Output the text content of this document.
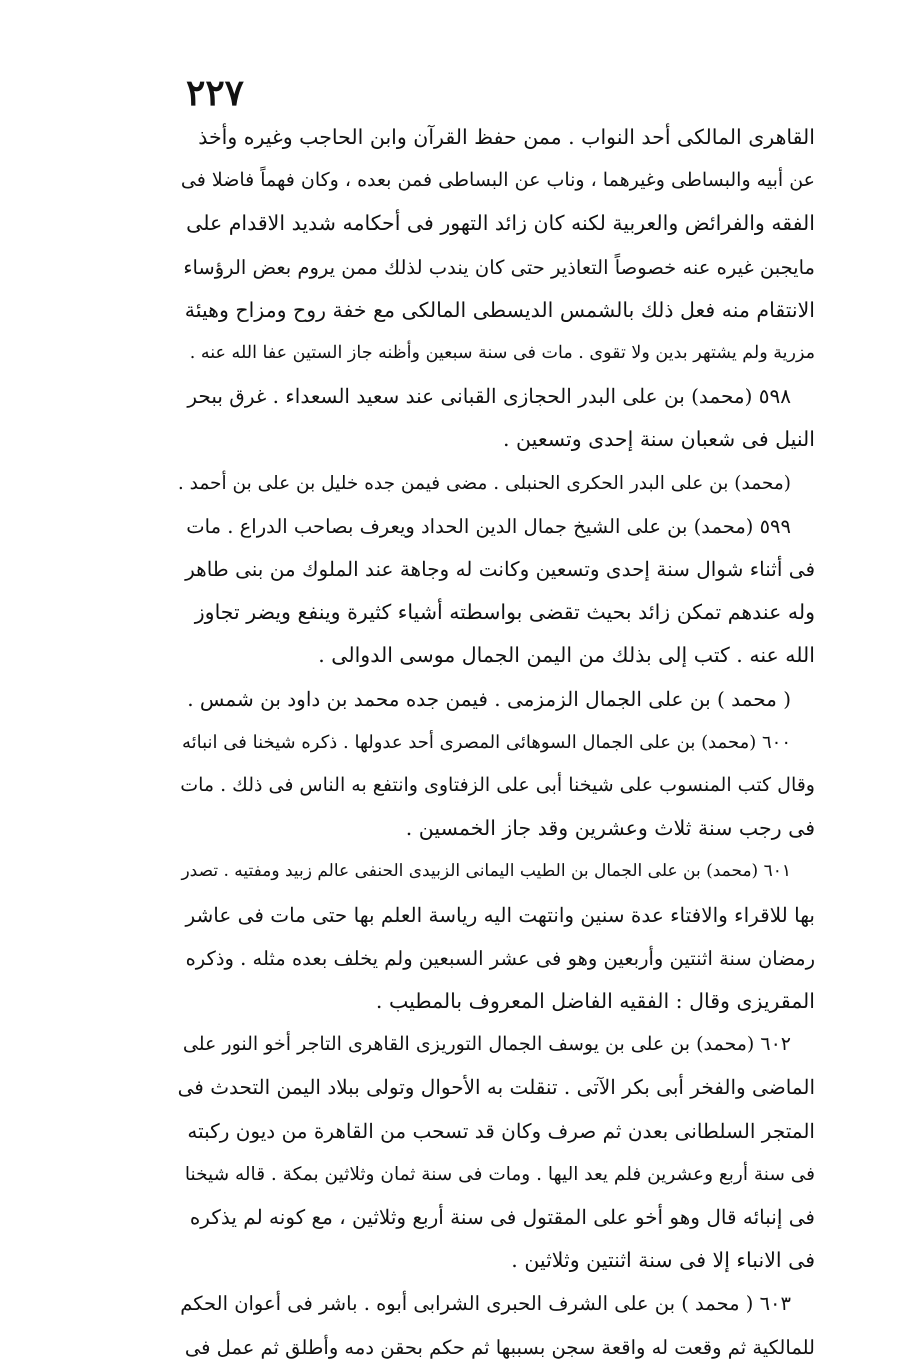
٢٢٧
القاهرى المالكى أحد النواب . ممن حفظ القرآن وابن الحاجب وغيره وأخذ
عن أبيه والبساطى وغيرهما ، وناب عن البساطى فمن بعده ، وكان فهماً فاضلا فى
الفقه والفرائض والعربية لكنه كان زائد التهور فى أحكامه شديد الاقدام على
مايجبن غيره عنه خصوصاً التعاذير حتى كان يندب لذلك ممن يروم بعض الرؤساء
الانتقام منه فعل ذلك بالشمس الديسطى المالكى مع خفة روح ومزاح وهيئة
مزرية ولم يشتهر بدين ولا تقوى . مات فى سنة سبعين وأظنه جاز الستين عفا الله عنه .
٥٩٨ (محمد) بن على البدر الحجازى القبانى عند سعيد السعداء . غرق ببحر
النيل فى شعبان سنة إحدى وتسعين .
(محمد) بن على البدر الحكرى الحنبلى . مضى فيمن جده خليل بن على بن أحمد .
٥٩٩ (محمد) بن على الشيخ جمال الدين الحداد ويعرف بصاحب الدراع . مات
فى أثناء شوال سنة إحدى وتسعين وكانت له وجاهة عند الملوك من بنى طاهر
وله عندهم تمكن زائد بحيث تقضى بواسطته أشياء كثيرة وينفع ويضر تجاوز
الله عنه . كتب إلى بذلك من اليمن الجمال موسى الدوالى .
( محمد ) بن على الجمال الزمزمى . فيمن جده محمد بن داود بن شمس .
٦٠٠ (محمد) بن على الجمال السوهائى المصرى أحد عدولها . ذكره شيخنا فى انبائه
وقال كتب المنسوب على شيخنا أبى على الزفتاوى وانتفع به الناس فى ذلك . مات
فى رجب سنة ثلاث وعشرين وقد جاز الخمسين .
٦٠١ (محمد) بن على الجمال بن الطيب اليمانى الزبيدى الحنفى عالم زبيد ومفتيه . تصدر
بها للاقراء والافتاء عدة سنين وانتهت اليه رياسة العلم بها حتى مات فى عاشر
رمضان سنة اثنتين وأربعين وهو فى عشر السبعين ولم يخلف بعده مثله . وذكره
المقريزى وقال : الفقيه الفاضل المعروف بالمطيب .
٦٠٢ (محمد) بن على بن يوسف الجمال التوريزى القاهرى التاجر أخو النور على
الماضى والفخر أبى بكر الآتى . تنقلت به الأحوال وتولى ببلاد اليمن التحدث فى
المتجر السلطانى بعدن ثم صرف وكان قد تسحب من القاهرة من ديون ركبته
فى سنة أربع وعشرين فلم يعد اليها . ومات فى سنة ثمان وثلاثين بمكة . قاله شيخنا
فى إنبائه قال وهو أخو على المقتول فى سنة أربع وثلاثين ، مع كونه لم يذكره
فى الانباء إلا فى سنة اثنتين وثلاثين .
٦٠٣ ( محمد ) بن على الشرف الحبرى الشرابى أبوه . باشر فى أعوان الحكم
للمالكية ثم وقعت له واقعة سجن بسببها ثم حكم بحقن دمه وأطلق ثم عمل فى
